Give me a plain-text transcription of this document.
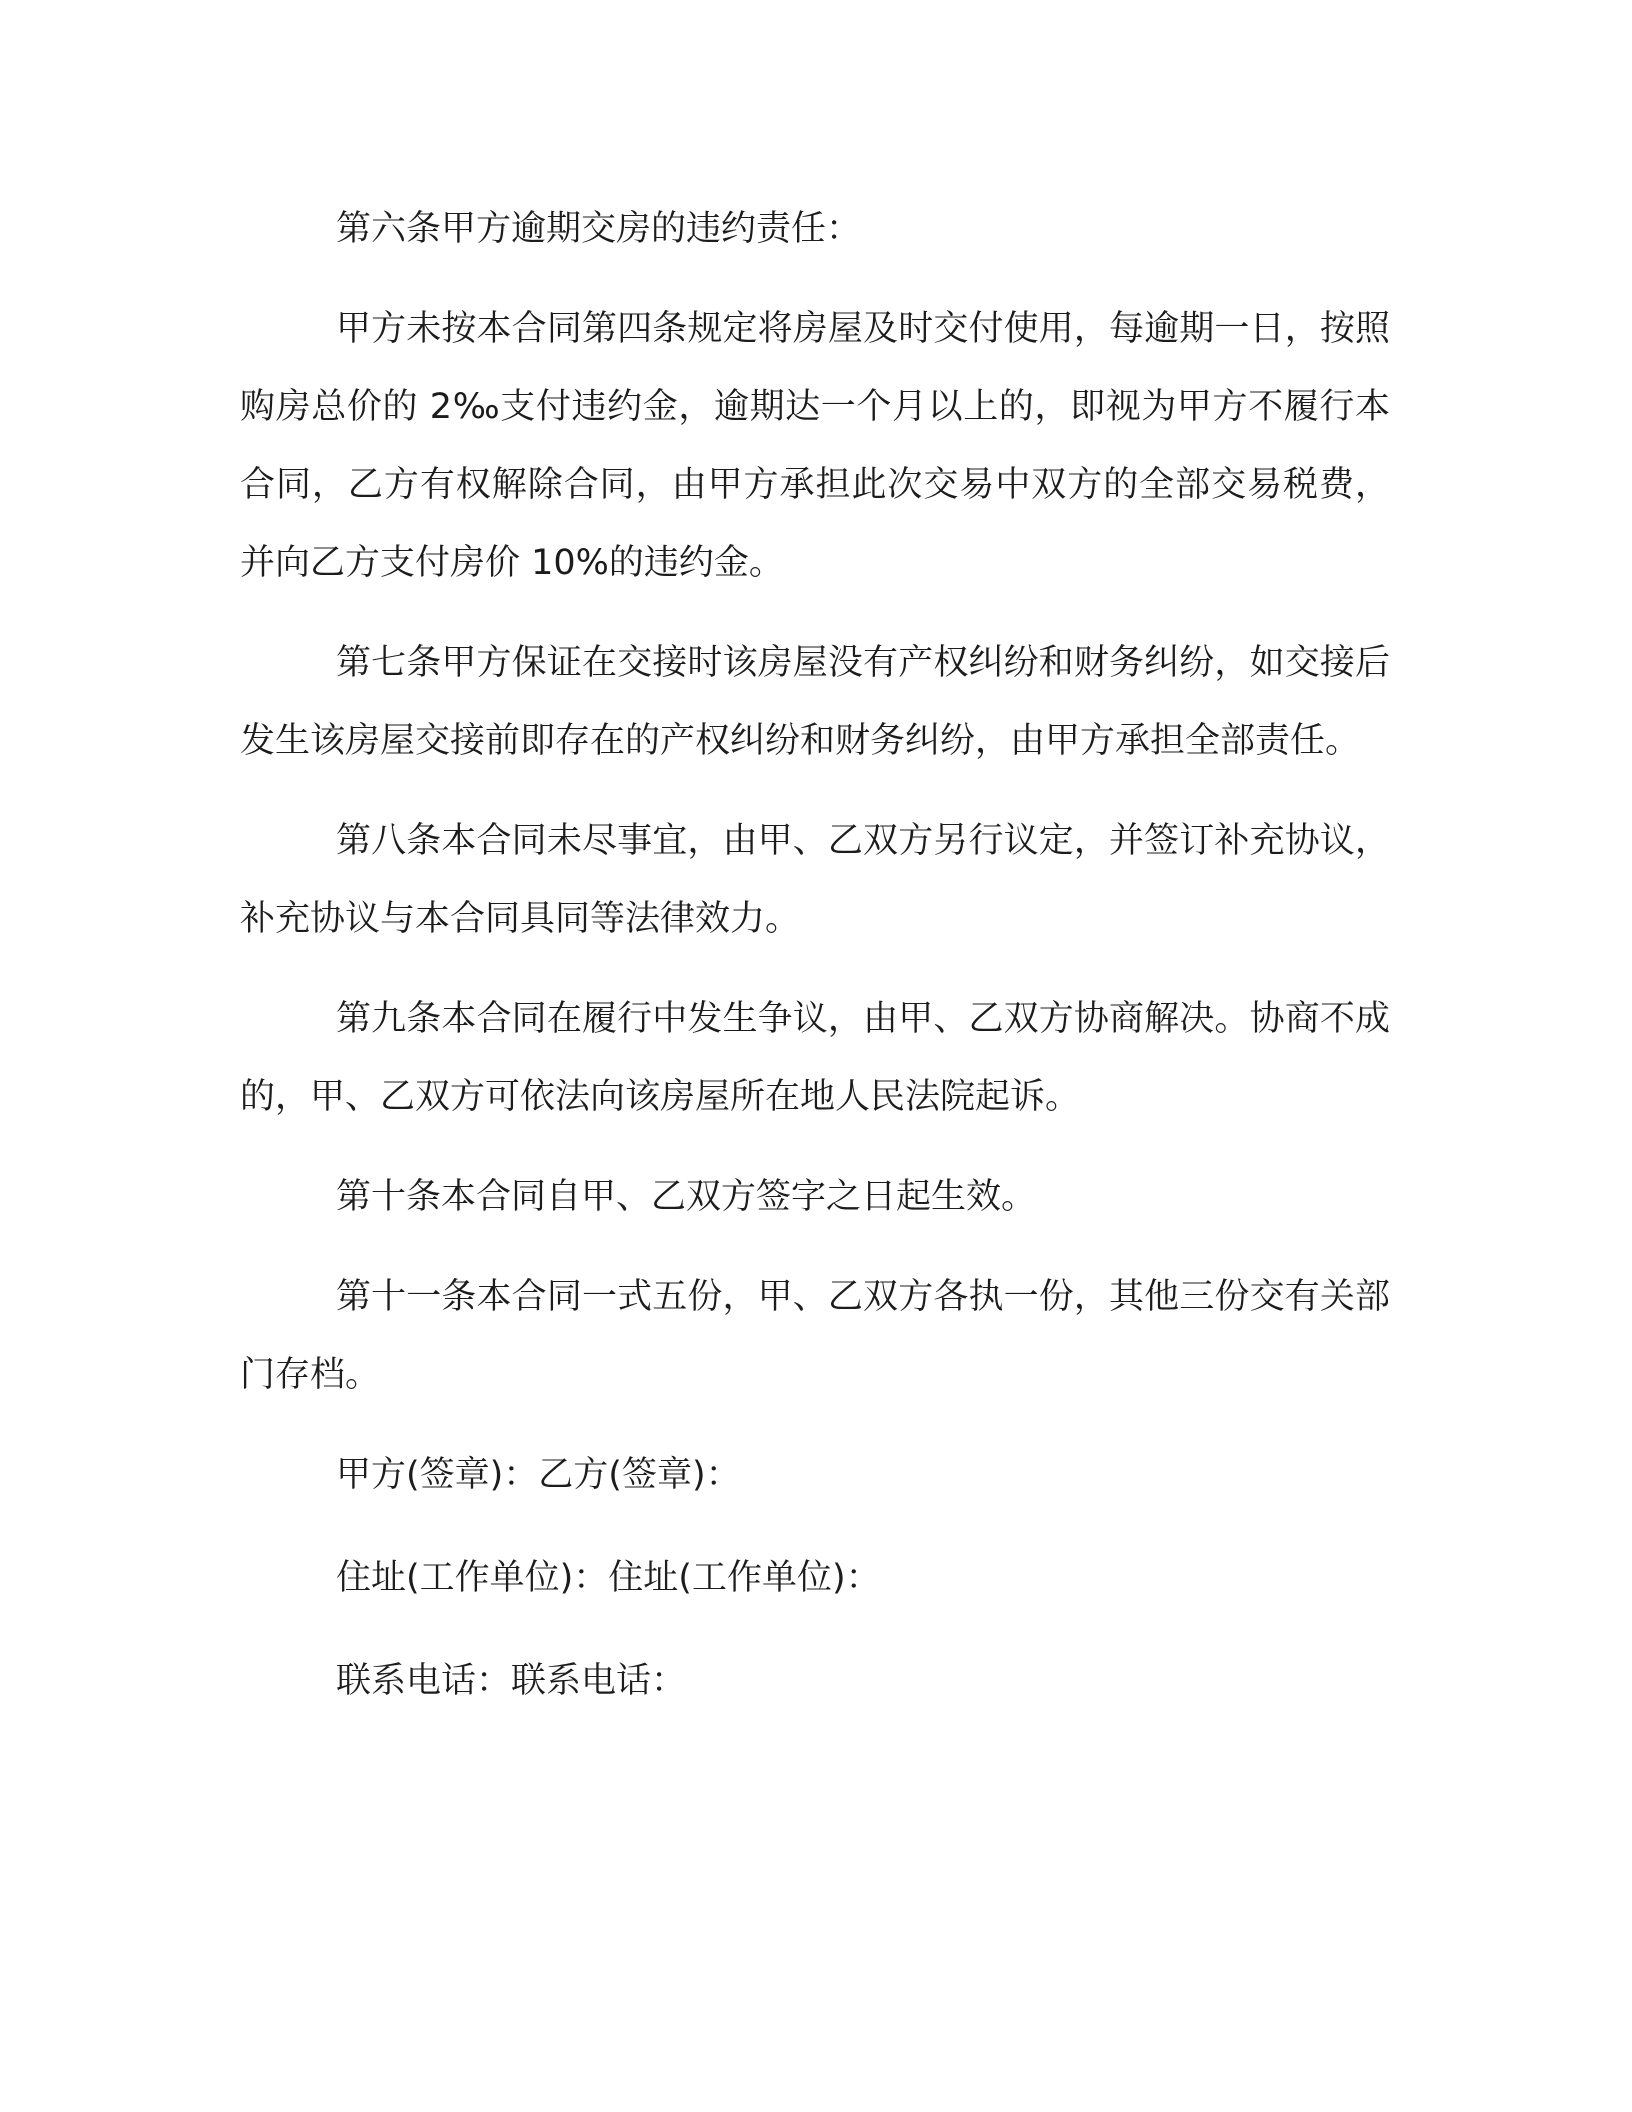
第六条甲方逾期交房的违约责任：

甲方未按本合同第四条规定将房屋及时交付使用，每逾期一日，按照购房总价的 2‰支付违约金，逾期达一个月以上的，即视为甲方不履行本合同，乙方有权解除合同，由甲方承担此次交易中双方的全部交易税费，并向乙方支付房价 10%的违约金。

第七条甲方保证在交接时该房屋没有产权纠纷和财务纠纷，如交接后发生该房屋交接前即存在的产权纠纷和财务纠纷，由甲方承担全部责任。

第八条本合同未尽事宜，由甲、乙双方另行议定，并签订补充协议，补充协议与本合同具同等法律效力。

第九条本合同在履行中发生争议，由甲、乙双方协商解决。协商不成的，甲、乙双方可依法向该房屋所在地人民法院起诉。

第十条本合同自甲、乙双方签字之日起生效。

第十一条本合同一式五份，甲、乙双方各执一份，其他三份交有关部门存档。

甲方(签章)：乙方(签章)：

住址(工作单位)：住址(工作单位)：

联系电话：联系电话：
